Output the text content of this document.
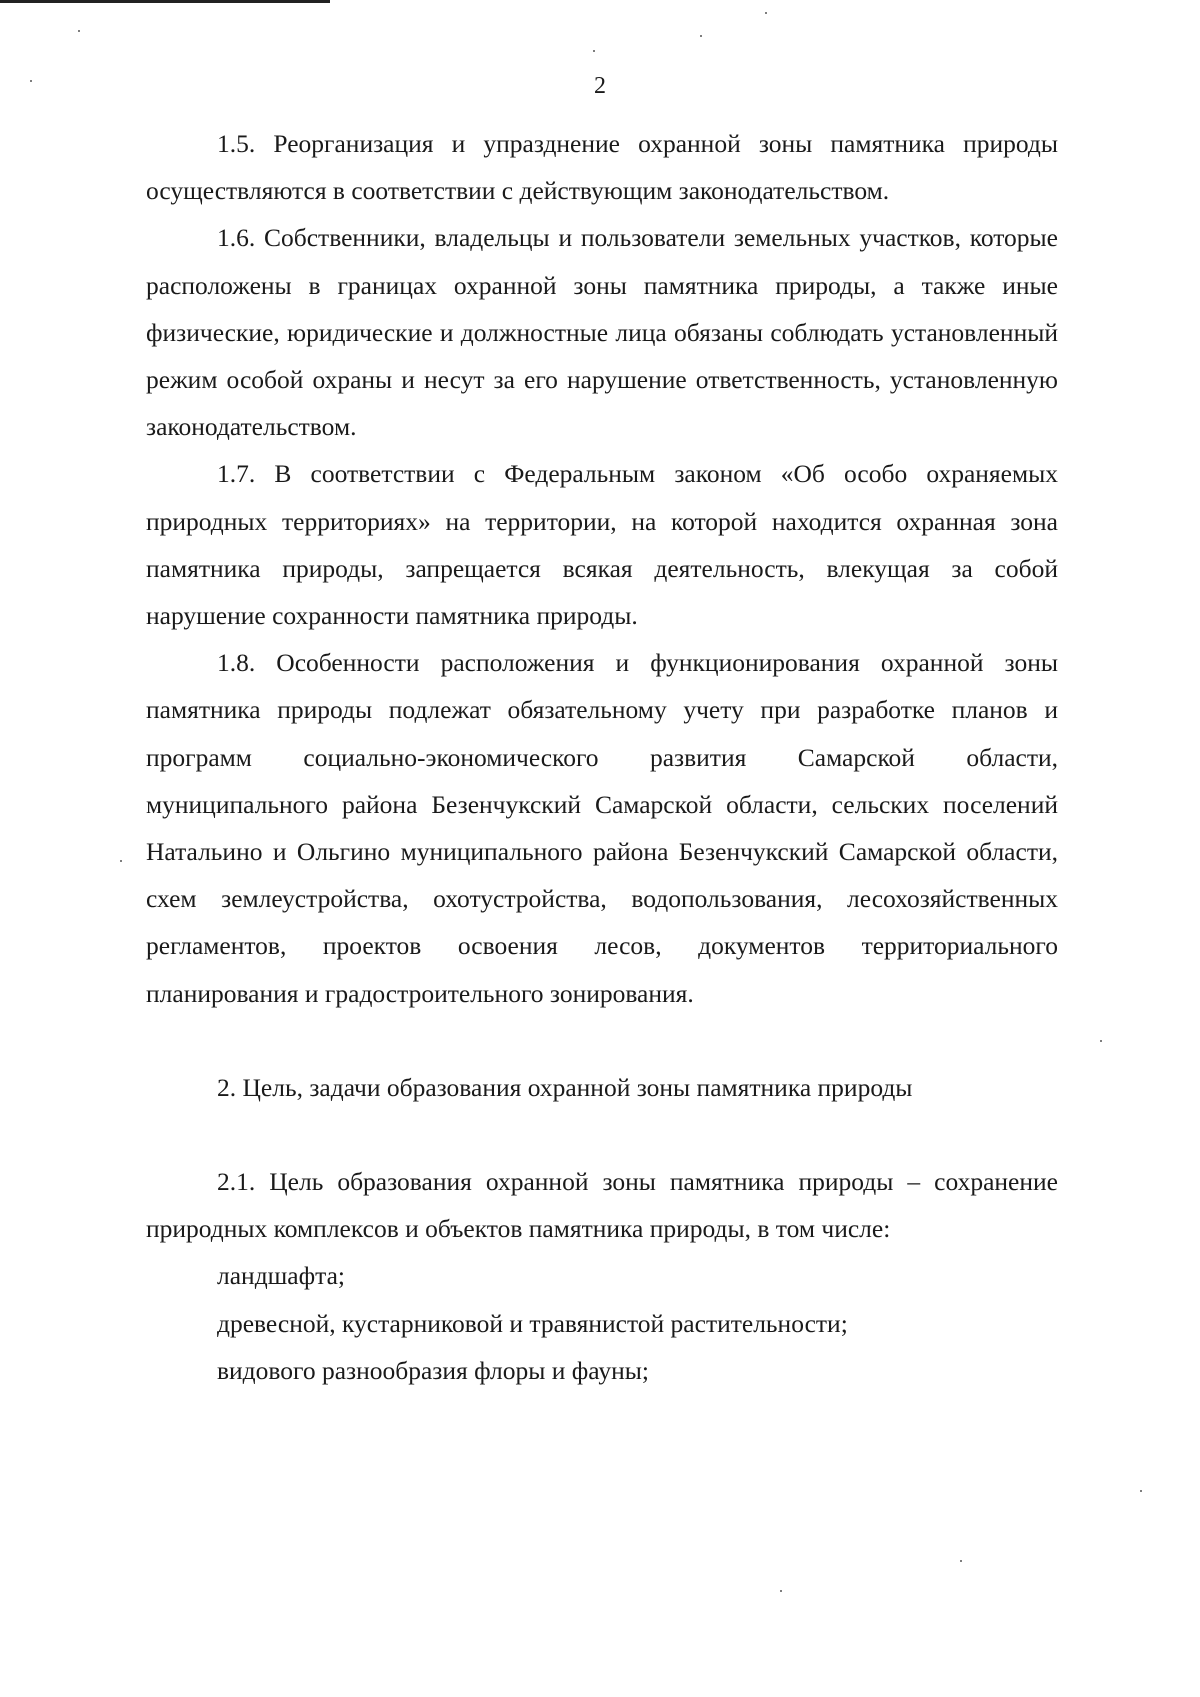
2

1.5. Реорганизация и упразднение охранной зоны памятника природы осуществляются в соответствии с действующим законодательством.

1.6. Собственники, владельцы и пользователи земельных участков, которые расположены в границах охранной зоны памятника природы, а также иные физические, юридические и должностные лица обязаны соблюдать установленный режим особой охраны и несут за его нарушение ответственность, установленную законодательством.

1.7. В соответствии с Федеральным законом «Об особо охраняемых природных территориях» на территории, на которой находится охранная зона памятника природы, запрещается всякая деятельность, влекущая за собой нарушение сохранности памятника природы.

1.8. Особенности расположения и функционирования охранной зоны памятника природы подлежат обязательному учету при разработке планов и программ социально-экономического развития Самарской области, муниципального района Безенчукский Самарской области, сельских поселений Натальино и Ольгино муниципального района Безенчукский Самарской области, схем землеустройства, охотустройства, водопользования, лесохозяйственных регламентов, проектов освоения лесов, документов территориального планирования и градостроительного зонирования.

2. Цель, задачи образования охранной зоны памятника природы

2.1. Цель образования охранной зоны памятника природы – сохранение природных комплексов и объектов памятника природы, в том числе:

ландшафта;

древесной, кустарниковой и травянистой растительности;

видового разнообразия флоры и фауны;
